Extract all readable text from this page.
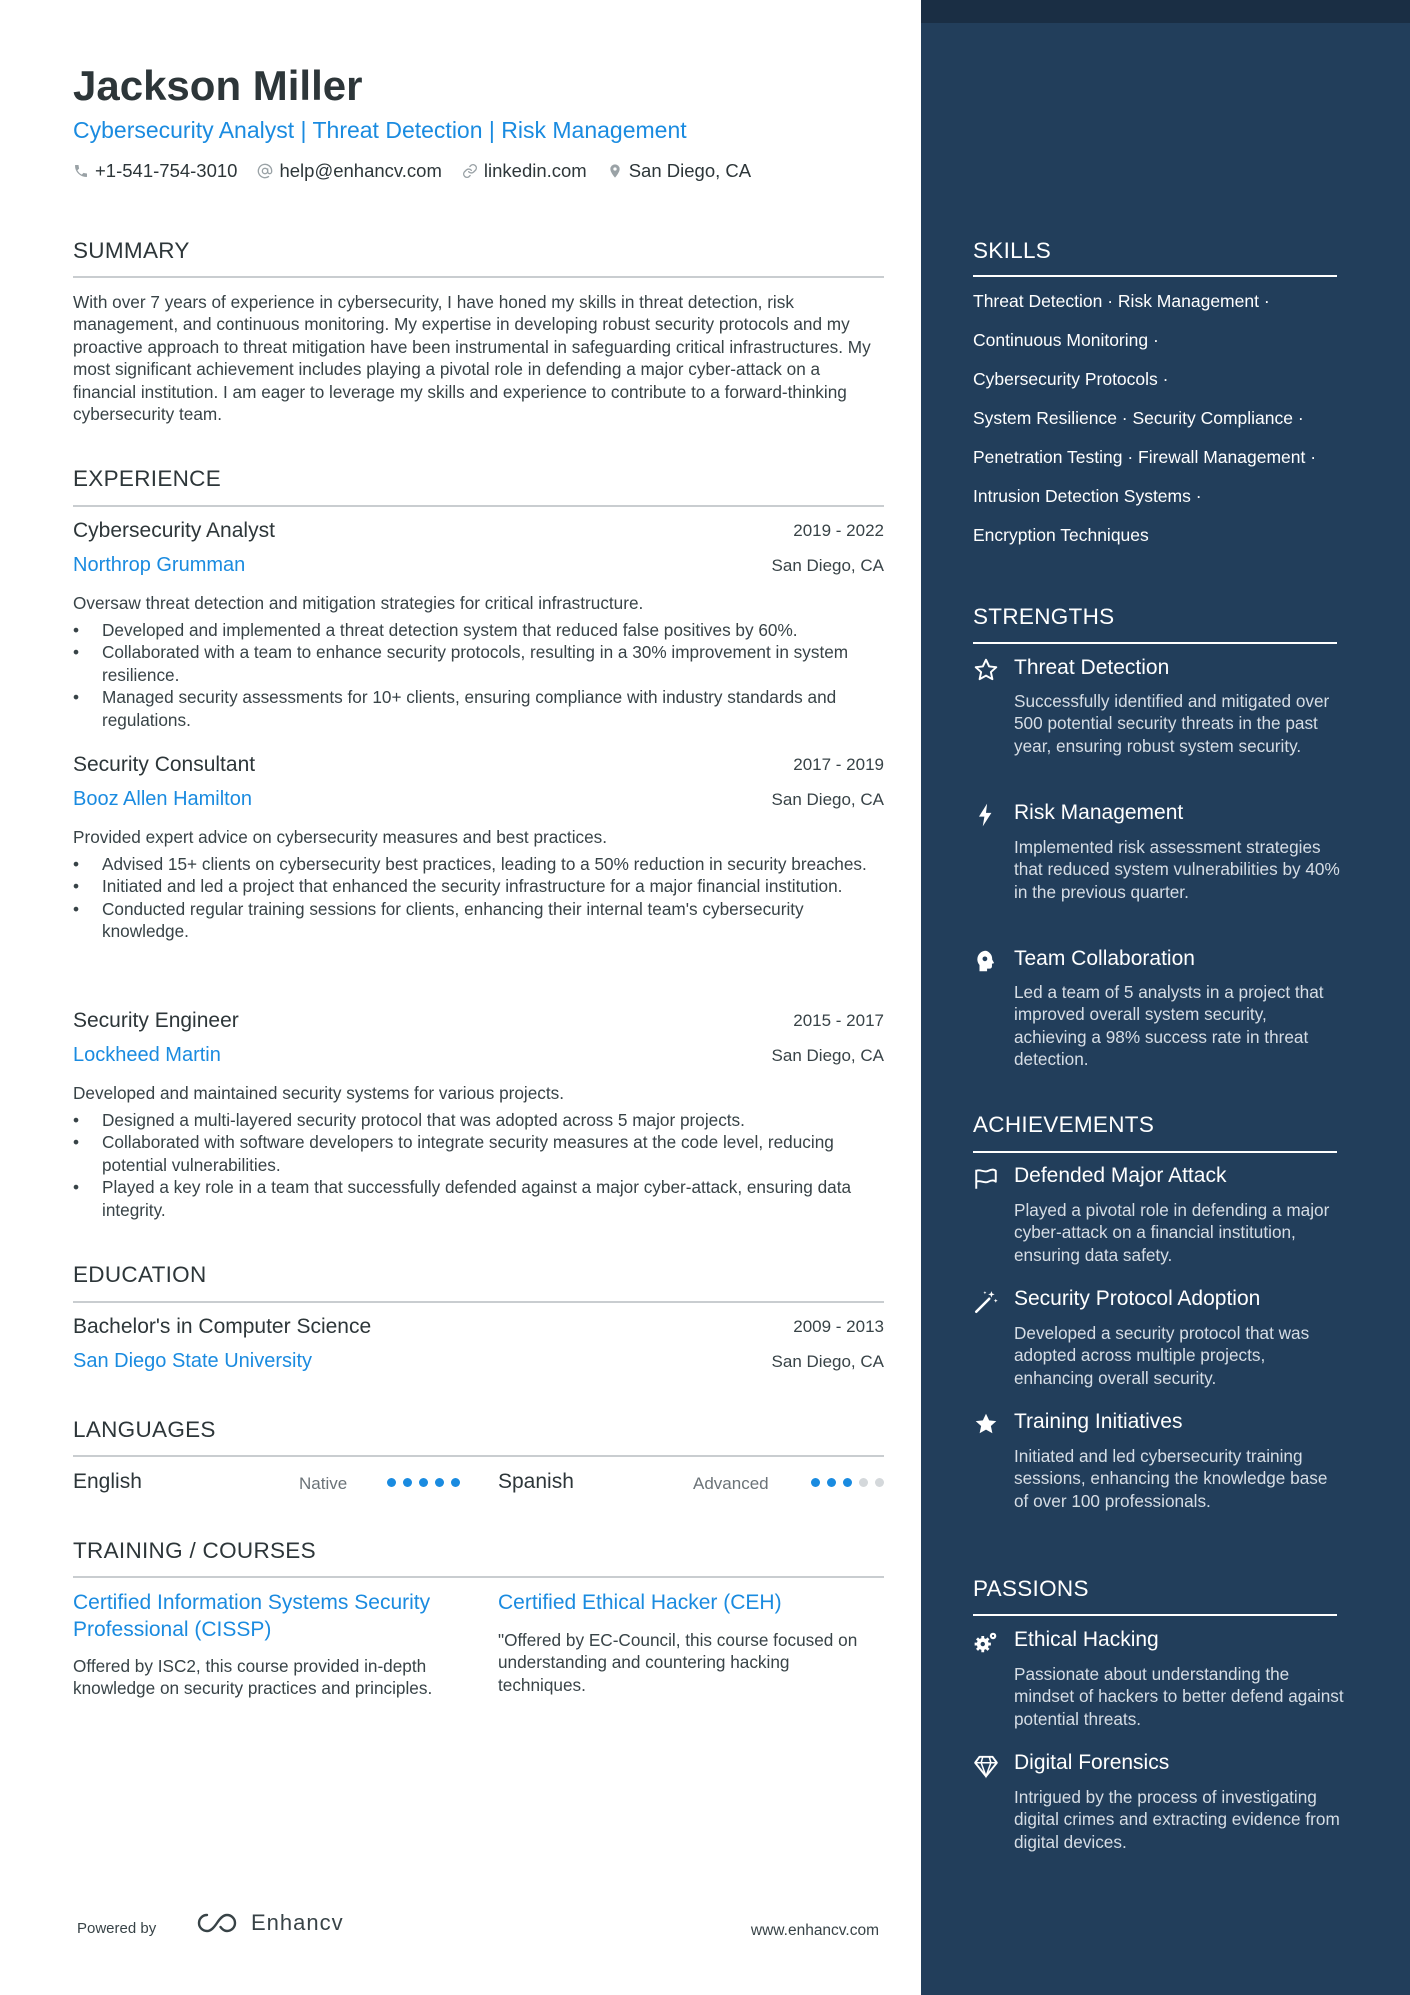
SKILLS
Threat Detection · Risk Management ·
Continuous Monitoring ·
Cybersecurity Protocols ·
System Resilience · Security Compliance ·
Penetration Testing · Firewall Management ·
Intrusion Detection Systems ·
Encryption Techniques
STRENGTHS
Threat Detection
Successfully identified and mitigated over 500 potential security threats in the past year, ensuring robust system security.
Risk Management
Implemented risk assessment strategies that reduced system vulnerabilities by 40% in the previous quarter.
Team Collaboration
Led a team of 5 analysts in a project that improved overall system security, achieving a 98% success rate in threat detection.
ACHIEVEMENTS
Defended Major Attack
Played a pivotal role in defending a major cyber-attack on a financial institution, ensuring data safety.
Security Protocol Adoption
Developed a security protocol that was adopted across multiple projects, enhancing overall security.
Training Initiatives
Initiated and led cybersecurity training sessions, enhancing the knowledge base of over 100 professionals.
PASSIONS
Ethical Hacking
Passionate about understanding the mindset of hackers to better defend against potential threats.
Digital Forensics
Intrigued by the process of investigating digital crimes and extracting evidence from digital devices.
Jackson Miller
Cybersecurity Analyst | Threat Detection | Risk Management
+1-541-754-3010 help@enhancv.com linkedin.com San Diego, CA
SUMMARY
With over 7 years of experience in cybersecurity, I have honed my skills in threat detection, risk management, and continuous monitoring. My expertise in developing robust security protocols and my proactive approach to threat mitigation have been instrumental in safeguarding critical infrastructures. My most significant achievement includes playing a pivotal role in defending a major cyber-attack on a financial institution. I am eager to leverage my skills and experience to contribute to a forward-thinking cybersecurity team.
EXPERIENCE
Cybersecurity Analyst	2019 - 2022
Northrop Grumman	San Diego, CA
Oversaw threat detection and mitigation strategies for critical infrastructure.
• Developed and implemented a threat detection system that reduced false positives by 60%.
• Collaborated with a team to enhance security protocols, resulting in a 30% improvement in system resilience.
• Managed security assessments for 10+ clients, ensuring compliance with industry standards and regulations.
Security Consultant	2017 - 2019
Booz Allen Hamilton	San Diego, CA
Provided expert advice on cybersecurity measures and best practices.
• Advised 15+ clients on cybersecurity best practices, leading to a 50% reduction in security breaches.
• Initiated and led a project that enhanced the security infrastructure for a major financial institution.
• Conducted regular training sessions for clients, enhancing their internal team's cybersecurity knowledge.
Security Engineer	2015 - 2017
Lockheed Martin	San Diego, CA
Developed and maintained security systems for various projects.
• Designed a multi-layered security protocol that was adopted across 5 major projects.
• Collaborated with software developers to integrate security measures at the code level, reducing potential vulnerabilities.
• Played a key role in a team that successfully defended against a major cyber-attack, ensuring data integrity.
EDUCATION
Bachelor's in Computer Science	2009 - 2013
San Diego State University	San Diego, CA
LANGUAGES
English	Native	Spanish	Advanced
TRAINING / COURSES
Certified Information Systems Security Professional (CISSP)
Offered by ISC2, this course provided in-depth knowledge on security practices and principles.
Certified Ethical Hacker (CEH)
"Offered by EC-Council, this course focused on understanding and countering hacking techniques.
Powered by	Enhancv	www.enhancv.com
